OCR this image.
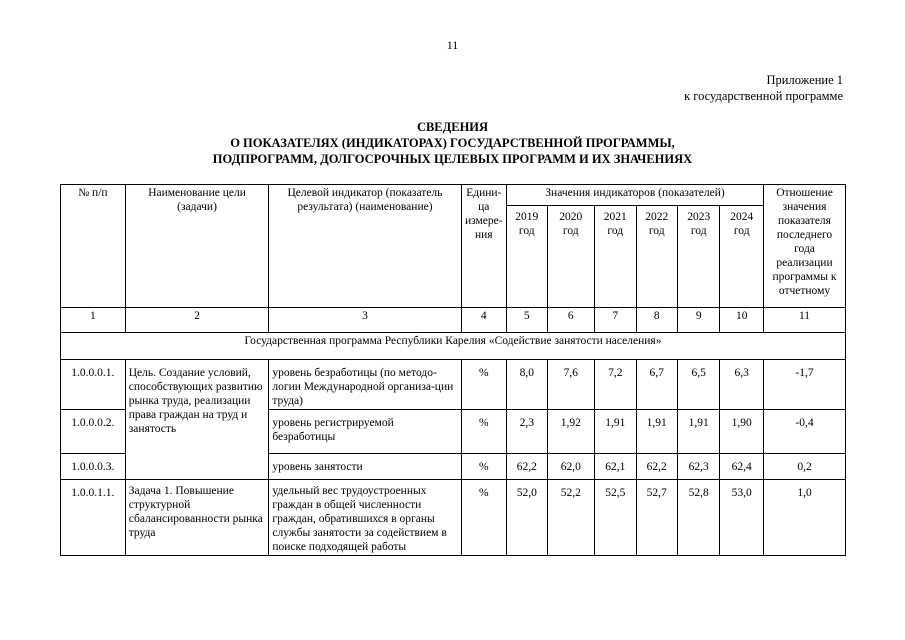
11
Приложение 1
к государственной программе
СВЕДЕНИЯ
О ПОКАЗАТЕЛЯХ (ИНДИКАТОРАХ) ГОСУДАРСТВЕННОЙ ПРОГРАММЫ,
ПОДПРОГРАММ, ДОЛГОСРОЧНЫХ ЦЕЛЕВЫХ ПРОГРАММ И ИХ ЗНАЧЕНИЯХ
№ п/п	Наименование цели (задачи)	Целевой индикатор (показатель результата) (наименование)	Едини-ца измере-ния	Значения индикаторов (показателей)						Отношение значения показателя последнего года реализации программы к отчетному
				2019 год	2020 год	2021 год	2022 год	2023 год	2024 год	
1	2	3	4	5	6	7	8	9	10	11
Государственная программа Республики Карелия «Содействие занятости населения»										
1.0.0.0.1.	Цель. Создание условий, способствующих развитию рынка труда, реализации права граждан на труд и занятость	уровень безработицы (по методо-логии Международной организа-ции труда)	%	8,0	7,6	7,2	6,7	6,5	6,3	-1,7
1.0.0.0.2.		уровень регистрируемой безработицы	%	2,3	1,92	1,91	1,91	1,91	1,90	-0,4
1.0.0.0.3.		уровень занятости	%	62,2	62,0	62,1	62,2	62,3	62,4	0,2
1.0.0.1.1.	Задача 1. Повышение структурной сбалансированности рынка труда	удельный вес трудоустроенных граждан в общей численности граждан, обратившихся в органы службы занятости за содействием в поиске подходящей работы	%	52,0	52,2	52,5	52,7	52,8	53,0	1,0
